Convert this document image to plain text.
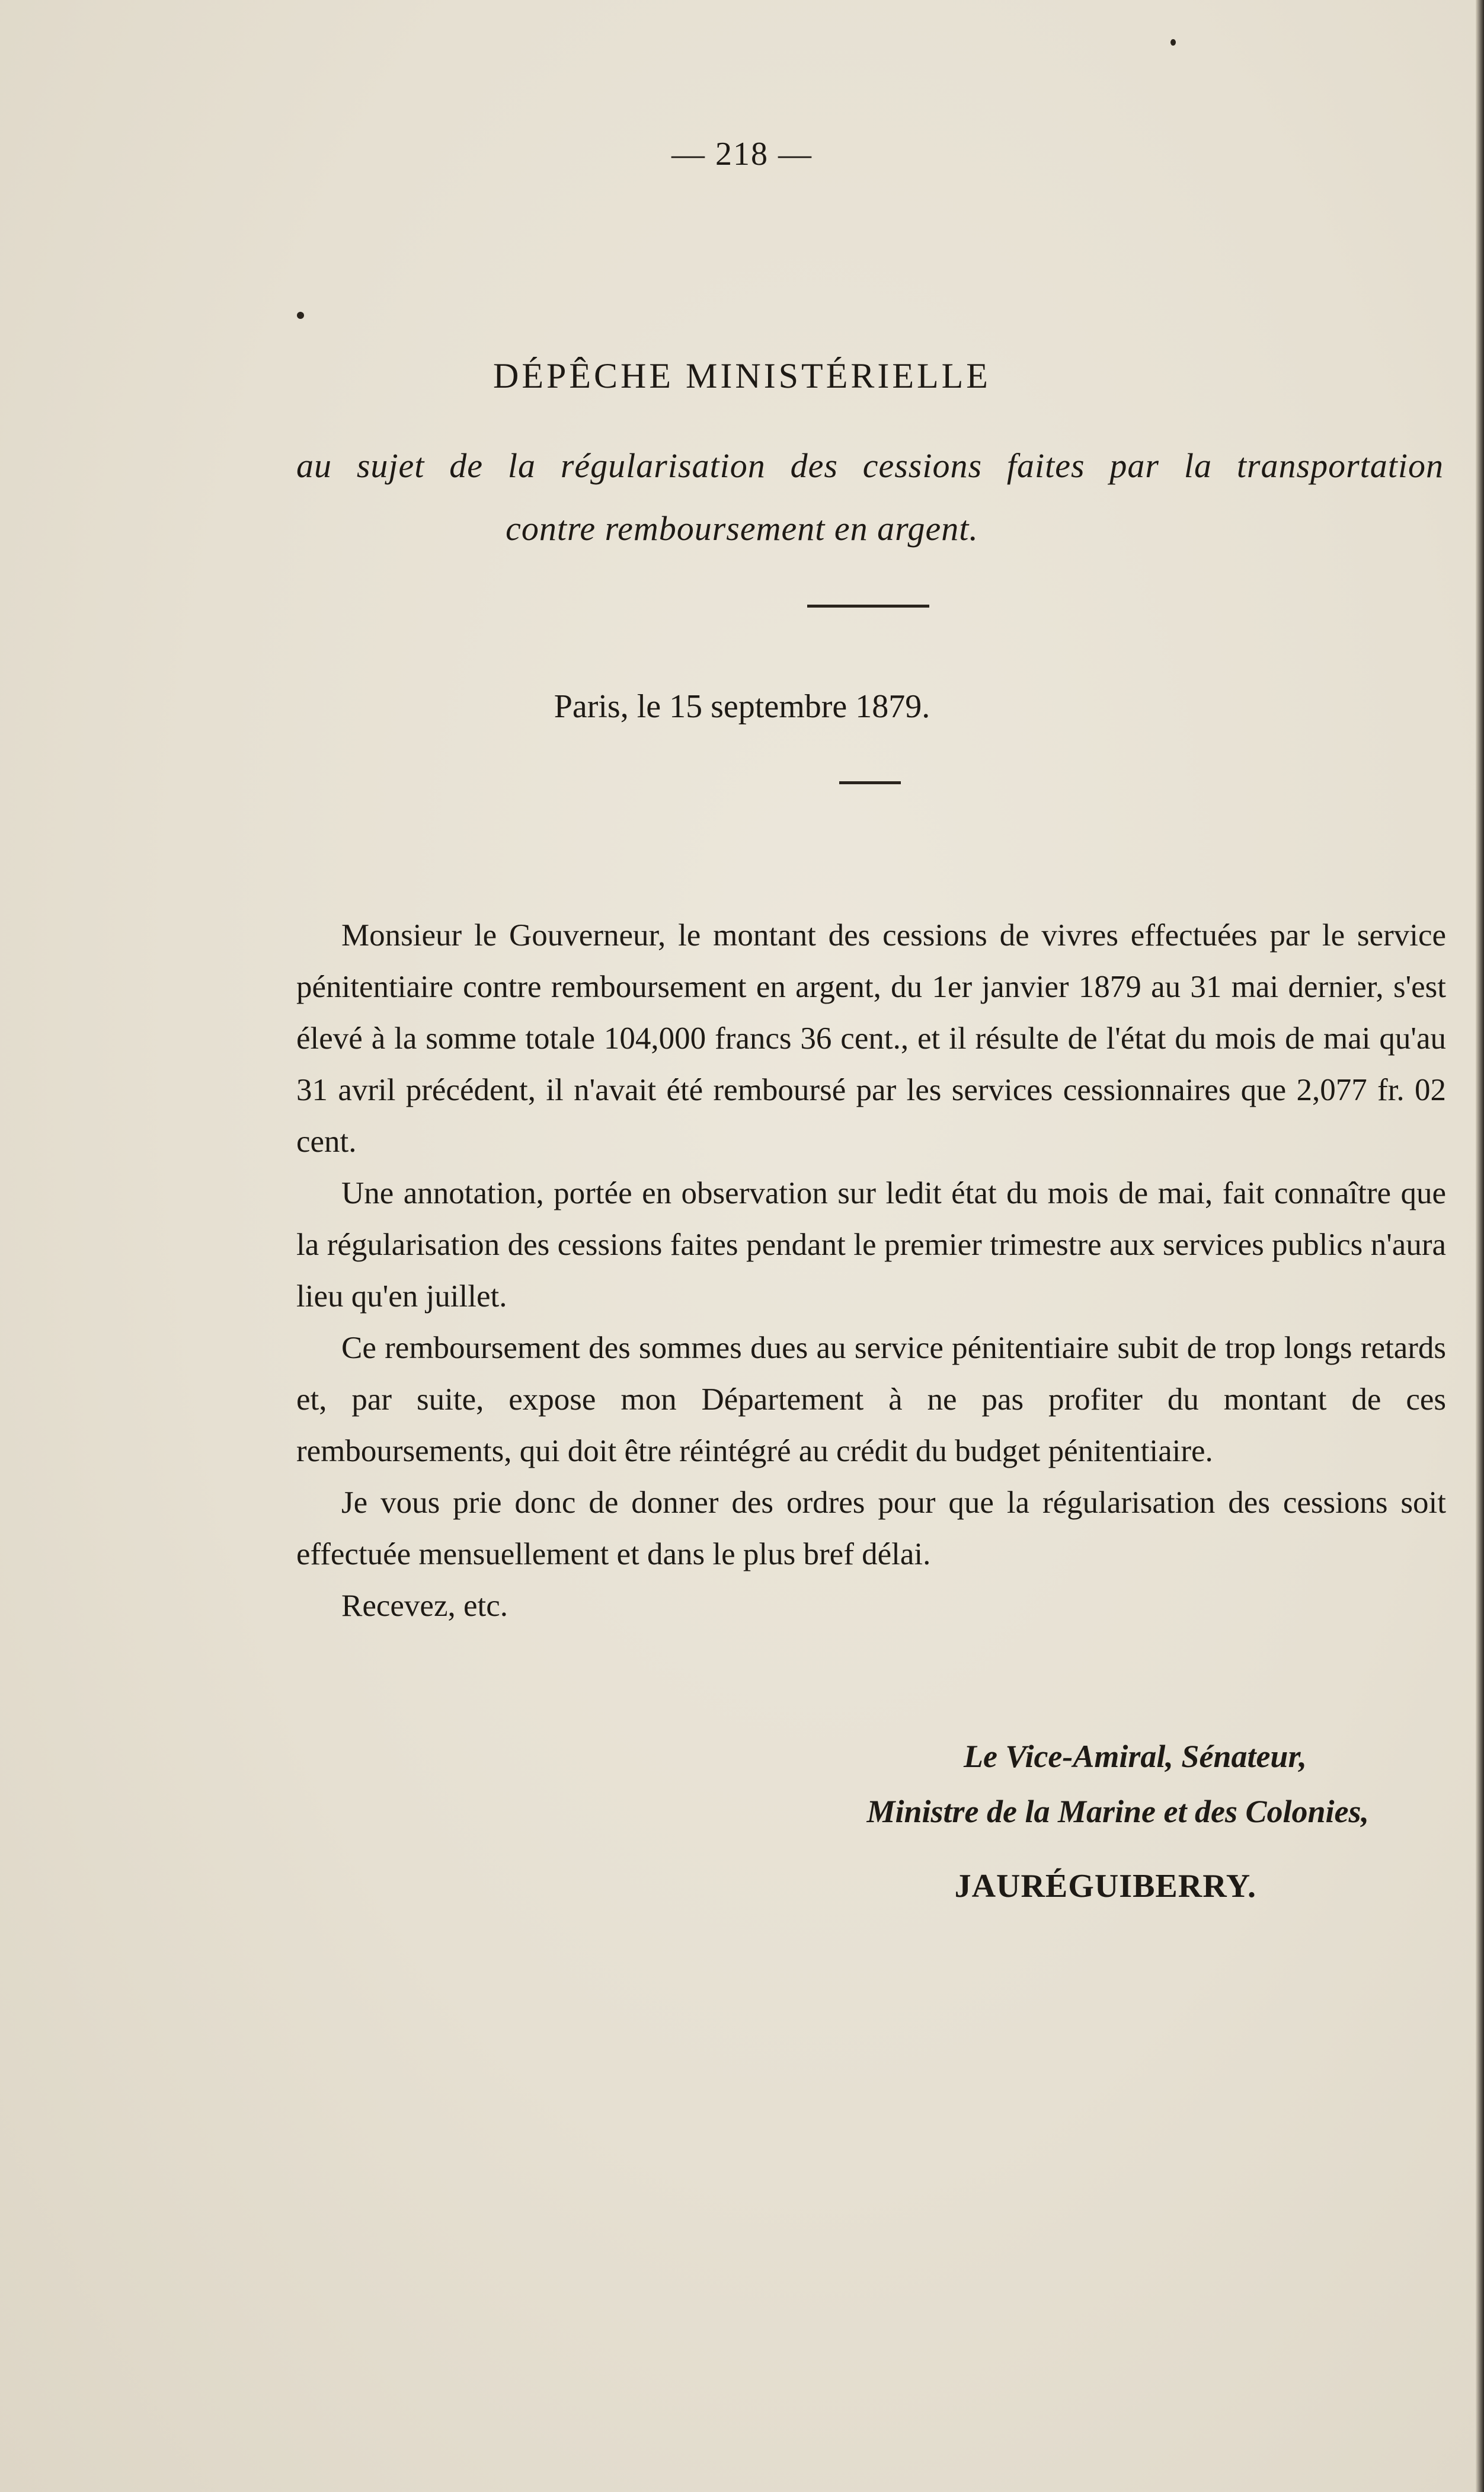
— 218 —
DÉPÊCHE MINISTÉRIELLE
au sujet de la régularisation des cessions faites par la transportation
contre remboursement en argent.
Paris, le 15 septembre 1879.

Monsieur le Gouverneur, le montant des cessions de vivres effectuées par le service pénitentiaire contre remboursement en argent, du 1er janvier 1879 au 31 mai dernier, s'est élevé à la somme totale 104,000 francs 36 cent., et il résulte de l'état du mois de mai qu'au 31 avril précédent, il n'avait été remboursé par les services cessionnaires que 2,077 fr. 02 cent.

Une annotation, portée en observation sur ledit état du mois de mai, fait connaître que la régularisation des cessions faites pendant le premier trimestre aux services publics n'aura lieu qu'en juillet.

Ce remboursement des sommes dues au service pénitentiaire subit de trop longs retards et, par suite, expose mon Département à ne pas profiter du montant de ces remboursements, qui doit être réintégré au crédit du budget pénitentiaire.

Je vous prie donc de donner des ordres pour que la régularisation des cessions soit effectuée mensuellement et dans le plus bref délai.

Recevez, etc.

Le Vice-Amiral, Sénateur,
Ministre de la Marine et des Colonies,
JAURÉGUIBERRY.
